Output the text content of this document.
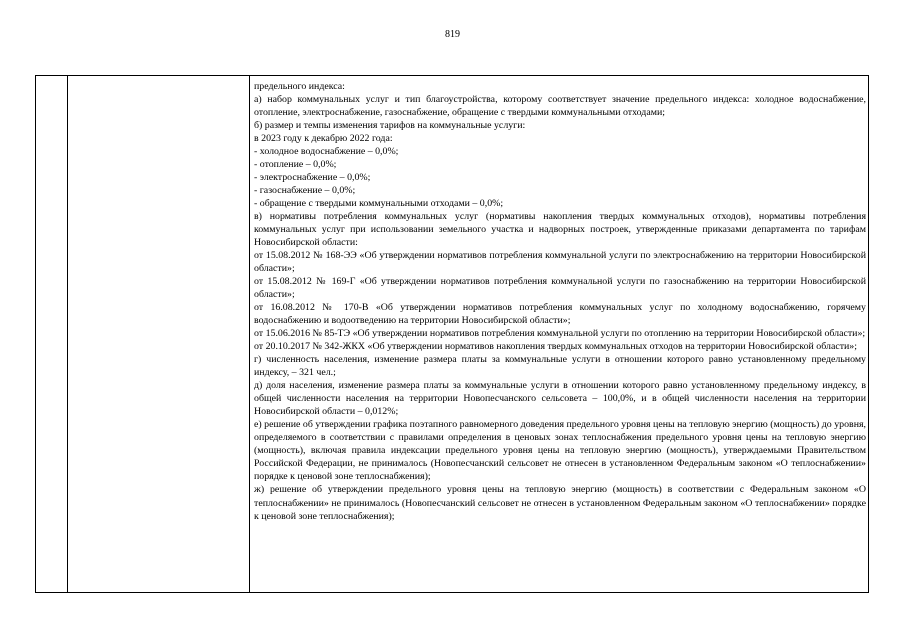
819

предельного индекса:

а) набор коммунальных услуг и тип благоустройства, которому соответствует значение предельного индекса: холодное водоснабжение, отопление, электроснабжение, газоснабжение, обращение с твердыми коммунальными отходами;

б) размер и темпы изменения тарифов на коммунальные услуги:

в 2023 году к декабрю 2022 года:

- холодное водоснабжение – 0,0%;

- отопление – 0,0%;

- электроснабжение – 0,0%;

- газоснабжение – 0,0%;

- обращение с твердыми коммунальными отходами – 0,0%;

в) нормативы потребления коммунальных услуг (нормативы накопления твердых коммунальных отходов), нормативы потребления коммунальных услуг при использовании земельного участка и надворных построек, утвержденные приказами департамента по тарифам Новосибирской области:

от 15.08.2012 № 168-ЭЭ «Об утверждении нормативов потребления коммунальной услуги по электроснабжению на территории Новосибирской области»;

от 15.08.2012 № 169-Г «Об утверждении нормативов потребления коммунальной услуги по газоснабжению на территории Новосибирской области»;

от 16.08.2012 № 170-В «Об утверждении нормативов потребления коммунальных услуг по холодному водоснабжению, горячему водоснабжению и водоотведению на территории Новосибирской области»;

от 15.06.2016 № 85-ТЭ «Об утверждении нормативов потребления коммунальной услуги по отоплению на территории Новосибирской области»;

от 20.10.2017 № 342-ЖКХ «Об утверждении нормативов накопления твердых коммунальных отходов на территории Новосибирской области»;

г) численность населения, изменение размера платы за коммунальные услуги в отношении которого равно установленному предельному индексу, – 321 чел.;

д) доля населения, изменение размера платы за коммунальные услуги в отношении которого равно установленному предельному индексу, в общей численности населения на территории Новопесчанского сельсовета – 100,0%, и в общей численности населения на территории Новосибирской области – 0,012%;

е) решение об утверждении графика поэтапного равномерного доведения предельного уровня цены на тепловую энергию (мощность) до уровня, определяемого в соответствии с правилами определения в ценовых зонах теплоснабжения предельного уровня цены на тепловую энергию (мощность), включая правила индексации предельного уровня цены на тепловую энергию (мощность), утверждаемыми Правительством Российской Федерации, не принималось (Новопесчанский сельсовет не отнесен в установленном Федеральным законом «О теплоснабжении» порядке к ценовой зоне теплоснабжения);

ж) решение об утверждении предельного уровня цены на тепловую энергию (мощность) в соответствии с Федеральным законом «О теплоснабжении» не принималось (Новопесчанский сельсовет не отнесен в установленном Федеральным законом «О теплоснабжении» порядке к ценовой зоне теплоснабжения);
